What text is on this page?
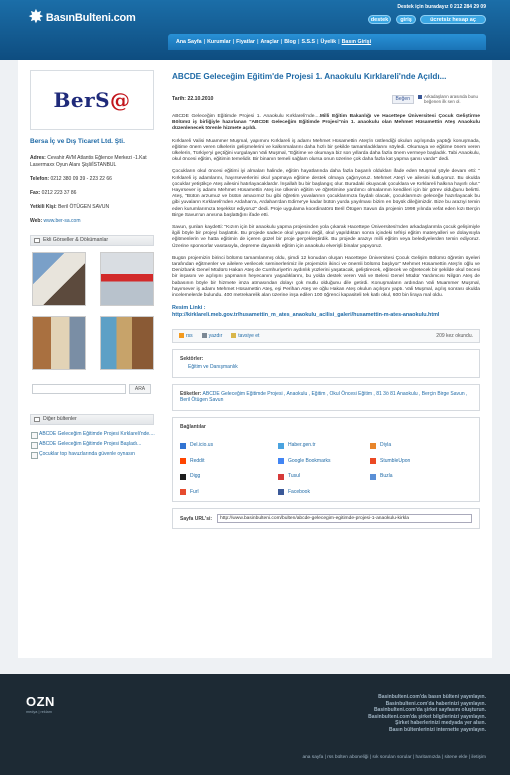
✸ BasınBulteni.com
Destek için buradayız 0 212 284 29 09
destek	giriş	ücretsiz hesap aç
Ana Sayfa | Kurumlar | Fiyatlar | Araçlar | Blog | S.S.S | Üyelik | Basın Girişi
BerS@
Bersa İç ve Dış Ticaret Ltd. Şti.

Adres: Cevahir AVM Atlantis Eğlence Merkezi -1.Kat Lasermaxx Oyun Alanı Şişli/İSTANBUL

Telefon: 0212 380 09 39 - 223 22 66

Fax: 0212 223 37 86

Yetkili Kişi: Beril ÖTÜGEN SAVUN

Web: www.ber-sa.com

Ekli Görseller & Dökümanlar
ARA
Diğer bültenler
ABCDE Geleceğim Eğitimde Projesi Kırklareli'nde....
ABCDE Geleceğim Eğitimde Projesi Başladı...
Çocuklar top havuzlarında güvenle oynasın
ABCDE Geleceğim Eğitim'de Projesi 1. Anaokulu Kırklareli'nde Açıldı...
Tarih: 22.10.2010	Beğen	Arkadaşların arasında bunu beğenen ilk sen ol.

ABCDE Geleceğim Eğitimde Projesi 1. Anaokulu Kırklareli'nde....Milli Eğitim Bakanlığı ve Hacettepe Üniversitesi Çocuk Geliştirme Bölümü iş birliğiyle hazırlanan "ABCDE Geleceğim Eğitimde Projesi"nin 1. anaokulu olan Mehmet Hüsamettin Ateş Anaokulu düzenlenecek törenle hizmete açıldı.

Kırklareli Valisi Muammer Muşmal, yapımını Kırklareli iş adamı Mehmet Hüsamettin Ateş'in üstlendiği okulun açılışında yaptığı konuşmada, eğitime önem veren ülkelerin gelişmelerini ve kalkınmalarını daha hızlı bir şekilde tamamladıklarını söyledi. Okumaya ve eğitime önem veren ülkelerin, Türkiye'yi geçtiğini vurgulayan Vali Muşmal, "Eğitime ve okumaya biz son yıllarda daha fazla önem vermeye başladık. Tabi Anaokulu, okul öncesi eğitim, eğitimin temelidir. Bir binanın temeli sağlam olursa onun üzerine çok daha fazla kat yapma şansı vardır" dedi.

Çocukların okul öncesi eğitimi iyi almaları halinde, eğitim hayatlarında daha fazla başarılı oldukları ifade eden Muşmal şöyle devam etti: " Kırklareli iş adamlarını, hayırseverlerini okul yapmaya eğitime destek olmaya çağırıyoruz. Mehmet Ateş'i ve ailesini kutluyoruz. Bu okulda çocuklar yetiştikçe Ateş ailesini hatırlayacaklardır. İnşallah bu bir başlangıç olur. Buradaki okuyacak çocuklara ve Kırklareli halkına hayırlı olur." Hayırsever iş adamı Mehmet Hüsamettin Ateş ise ülkenin eğitim ve öğretimine yardımcı olmalarının kendileri için bir görev olduğunu belirtti. Ateş, "Bütün arzumuz ve bütün amacımız bu gibi öğretim yuvalarının çocuklarımıza faydalı olacak, çocuklarımızı geleceğe hazırlayacak bu gibi yuvaların Kırklareli'nden Ardahan'a, Ardahan'dan Edirne'ye kadar bütün yurda yayılması bizim en büyük dileğimizdir. Bize bu arazıyi temin eden kurumlarımıza teşekkür ediyoruz" dedi. Proje uygulama koordinatörü Beril Ötügen Savun da projenin 1998 yılında vefat eden kızı Berçin Birge Savun'un anısına başlattığını ifade etti.

Savun, şunları kaydetti: "Kızım için bir anaokulu yapma projesinden yola çıkarak Hacettepe Üniversitesi'nden arkadaşlarımla çocuk gelişimiyle ilgili böyle bir projeyi başlattık. Bu projede sadece okul yapımı değil, okul yapıldıktan sonra içindeki tefrişi eğitim materyalleri ve dolayısıyla eğitmenlerin ve hatta eğitimin de içeren güzel bir proje gerçekleştirdik. Bu projede arazıyı milli eğitim veya belediyelerden temin ediyoruz. Üzerine sponsorlar vasıtasıyla, depreme dayanıklı eğitim için anaokulu elverişli binalar yapıyoruz.

Bugün projemizin birinci bölümü tamamlanmış oldu, şimdi 12 konudan oluşan Hacettepe Üniversitesi Çocuk Gelişim Bölümü öğretim üyeleri tarafından eğitmenler ve ailelere verilecek seminerlerimiz ile projemizin ikinci ve önemli bölümü başlıyor" Mehmet Hüsamettin Ateş'in oğlu ve Denizbank Genel Müdürü Hakan Ateş de Cumhuriyet'in aydınlık yüzlerini yaşatacak, geliştirecek, eğitecek ve öğretecek bir şekilde okul öncesi bir inşasını ve açılışını yapmanın heyecanını yaşadıklarını, bu yolda destek veren Vali ve Belesi Genel Müdür Yardımcısı Nilgün Ateş de babasının böyle bir hizmete imza atmasından dolayı çok mutlu olduğunu dile getirdi. Konuşmaların ardından Vali Muammer Muşmal, hayırsever iş adamı Mehmet Hüsamettin Ateş, eşi Perihan Ateş ve oğlu Hakan Ateş okulun açılışını yaptı. Vali Muşmal, açılış sonrası okulda incelemelerde bulundu. 400 metrekarelik alan üzerine inşa edilen 100 öğrenci kapasiteli tek katlı okul, 600 bin liraya mal oldu.

Resim Linki :
http://kirklareli.meb.gov.tr/husamettin_m_ates_anaokulu_acilisi_galeri/husamettin-m-ates-anaokulu.html
rss	yazdır	tavsiye et	209 kez okundu.
Sektörler:
Eğitim ve Danışmanlık
Etiketler: ABCDE Geleceğim Eğitimde Projesi , Anaokulu , Eğitim , Okul Öncesi Eğitim , 81 3ö 81 Anaokulu , Berçin Birge Savun , Beril Ötügen Savun
Bağlantılar
Del.icio.us	Haber.gen.tr	Diyla
Reddit	Google Bookmarks	StumbleUpon
Digg	Tusul	Buzla
Furl	Facebook
Sayfa URL'si:	http://www.basinbulteni.com/bulten/abcde-gelecegim-egitimde-projesi-1-anaokulu-kirkla
OZN
medya | reklam
Basinbulteni.com'da basın bülteni yayınlayın.
Basinbulteni.com'da haberinizi yayınlayın.
Basinbulteni.com'da şirket sayfasını oluşturun.
Basinbulteni.com'da şirket bilgilerinizi yayınlayın.
Şirket haberlerinizi medyada yer alsın.
Basın bültenlerinizi internette yayınlayın.
ana sayfa | rss bülten aboneliği | sık sorulan sorular | haritamızda | sitene ekle | iletişim
